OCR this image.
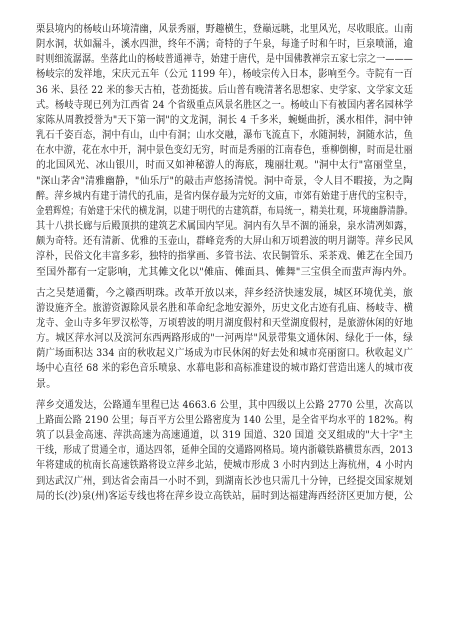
栗县境内的杨岐山环境清幽，风景秀丽，野趣横生，登巅远眺，北里风光，尽收眼底。山南
阴水洞，状如漏斗，溪水四泄，终年不满；奇特的子午泉，每逢子时和午时，巨泉喷涌，逾
时则细流潺潺。坐落此山的杨岐普通禅寺，始建于唐代，是中国佛教禅宗五家七宗之一———
杨岐宗的发祥地，宋庆元五年（公元 1199 年），杨岐宗传入日本，影响至今。寺院有一百
36 米、县径 22 米的参天古柏，苍劲挺拔。后山普有晚清著名思想家、史学家、文学家文廷
式。杨岐寺现已列为江西省 24 个省级重点风景名胜区之一。杨岐山下有被国内著名园林学
家陈从周教授誉为"天下第一洞"的文龙洞，洞长 4 千多米，蜿蜒曲折，溪水相伴，洞中钟
乳石千姿百态，洞中有山，山中有洞；山水交融，瀑布飞流直下，水随洞转，洞随水沽，鱼
在水中游，花在水中开，洞中景色变幻无穷，时而是秀丽的江南春色，垂柳倒柳，时而是壮丽
的北国风光、冰山银川，时而又如神秘游人的海底，瑰丽壮观。"洞中太行"富丽堂皇，
"深山茅舍"清雅幽静，"仙乐厅"的敲击声悠扬清悦。洞中奇景，令人目不暇接，为之陶
醉。萍乡城内有建于清代的孔庙，是省内保存最为完好的文庙，市郊有始建于唐代的宝积寺，
金碧辉煌；有始建于宋代的横龙洞，以建于明代的古建筑群，布局统一，精美壮观，环境幽静清静。
其十八拱长廊与后殿顶拱的建筑艺术属国内罕见。洞内有久旱不涸的涌泉，泉水清冽如露，
颇为奇特。还有清新、优雅的玉壶山，群峰竞秀的大屏山和万顷碧波的明月湖等。萍乡民风
淳朴，民俗文化丰富多彩，独特的指掌画、多管书法、农民铜管乐、采茶戏、傩艺在全国乃
至国外都有一定影响，尤其傩文化以"傩庙、傩面具、傩舞"三宝俱全而蜚声海内外。
古之吴楚通衢，今之赣西明珠。改革开放以来，萍乡经济快速发展，城区环境优美，旅
游设施齐全。旅游资源除风景名胜和革命纪念地安源外，历史文化古迹有孔庙、杨岐寺、横
龙寺、金山寺多年罗汉松等，万顷碧波的明月湖度假村和天堂湖度假村，是旅游休闲的好地
方。城区萍水河以及滨河东西两路形成的"一河两岸"风景带集文通休闲、绿化于一体，绿
荫广场面积达 334 亩的秋收起义广场成为市民休闲的好去处和城市亮丽窗口。秋收起义广
场中心直径 68 米的彩色音乐喷泉、水幕电影和高标准建设的城市路灯营造出迷人的城市夜
景。
萍乡交通发达，公路通车里程已达 4663.6 公里，其中四级以上公路 2770 公里，次高以
上路面公路 2190 公里；每百平方公里公路密度为 140 公里，是全省平均水平的 182%。构
筑了以县金高速、萍洪高速为高速通道，以 319 国道、320 国道 交叉组成的"大十字"主
干线，形成了贯通全市，通达四邻，延伸全国的交通路网格局。境内浙赣铁路横贯东西，2013
年将建成的杭南长高速铁路将设立萍乡北站，使城市形成 3 小时内到达上海杭州，4 小时内
到达武汉广州，到达省会南昌一小时不到，到湖南长沙也只需几十分钟，已经提交国家规划
局的长(沙)泉(州)客运专线也将在萍乡设立高铁站，届时到达福建海西经济区更加方便，公
